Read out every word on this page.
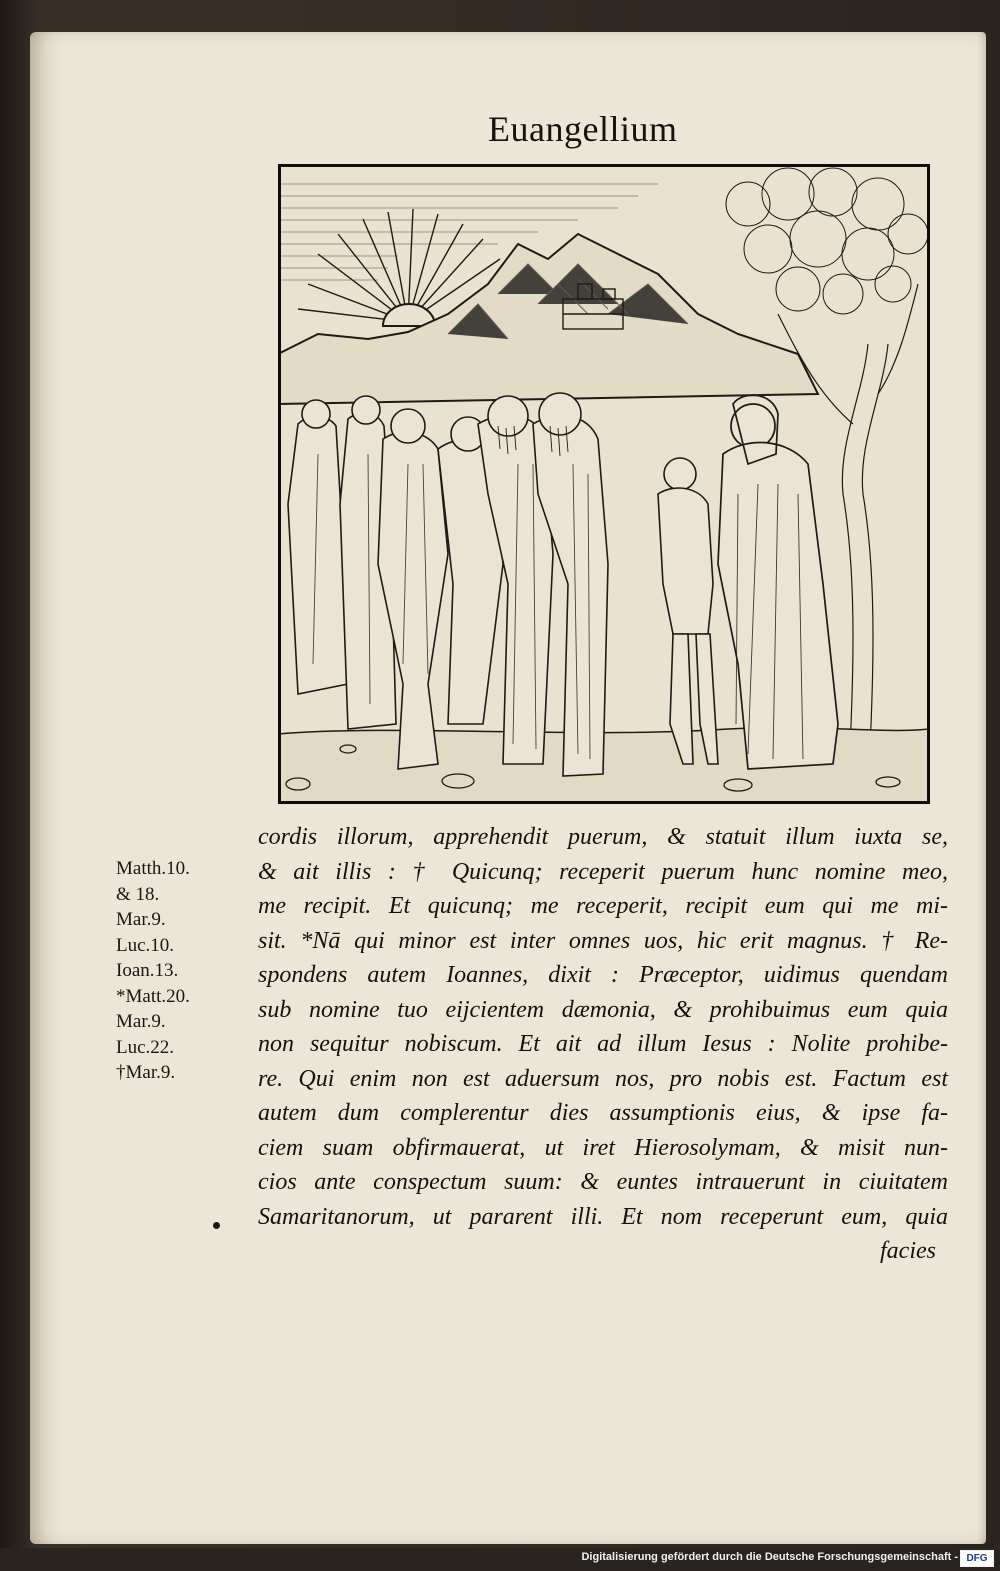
Euangellium
Matth.10.
& 18.
Mar.9.
Luc.10.
Ioan.13.
*Matt.20.
Mar.9.
Luc.22.
†Mar.9.
cordis illorum, apprehendit puerum, & statuit illum iuxta se,
& ait illis : † Quicunq; receperit puerum hunc nomine meo,
me recipit. Et quicunq; me receperit, recipit eum qui me mi-
sit. *Nā qui minor est inter omnes uos, hic erit magnus. † Re-
spondens autem Ioannes, dixit : Præceptor, uidimus quendam
sub nomine tuo eijcientem dæmonia, & prohibuimus eum quia
non sequitur nobiscum. Et ait ad illum Iesus : Nolite prohibe-
re. Qui enim non est aduersum nos, pro nobis est. Factum est
autem dum complerentur dies assumptionis eius, & ipse fa-
ciem suam obfirmauerat, ut iret Hierosolymam, & misit nun-
cios ante conspectum suum: & euntes intrauerunt in ciuitatem
Samaritanorum, ut pararent illi. Et nom receperunt eum, quia
facies
Digitalisierung gefördert durch die Deutsche Forschungsgemeinschaft - DFG
